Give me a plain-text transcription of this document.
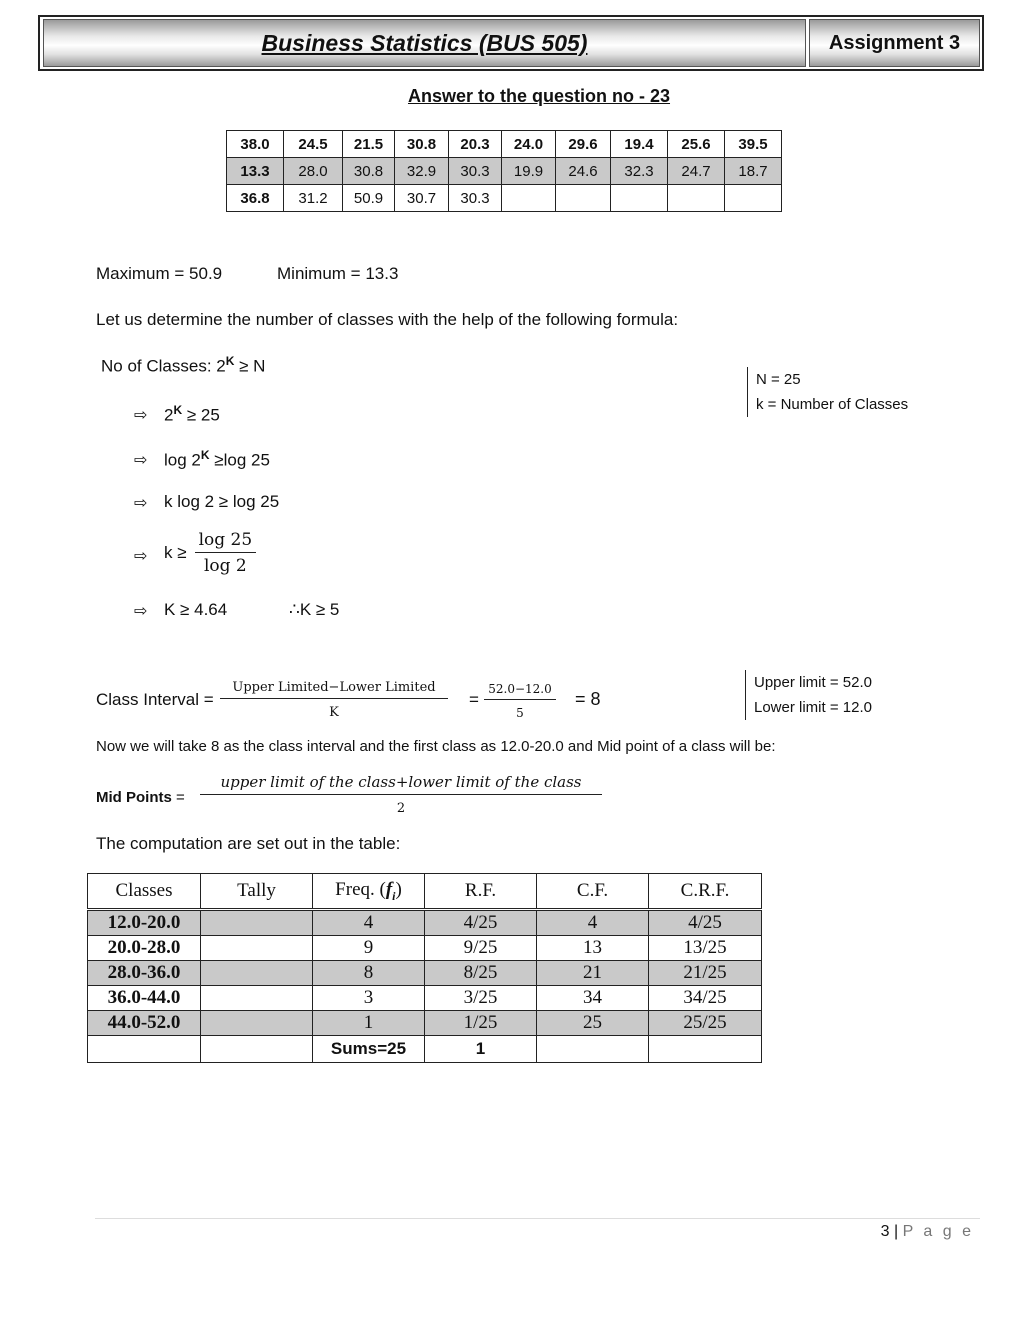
Business Statistics (BUS 505)	Assignment 3
Answer to the question no - 23
38.0	24.5	21.5	30.8	20.3	24.0	29.6	19.4	25.6	39.5
13.3	28.0	30.8	32.9	30.3	19.9	24.6	32.3	24.7	18.7
36.8	31.2	50.9	30.7	30.3					
Maximum = 50.9	Minimum = 13.3
Let us determine the number of classes with the help of the following formula:
No of Classes: $2^K \ge N$
N = 25
k = Number of Classes
⇨ $2^K \ge 25$
⇨ $\log 2^K \ge\log$ 25
⇨ k log 2 ≥ log 25
⇨ $k \ge \frac{\log 25}{\log 2}$
⇨ K ≥ 4.64	∴K ≥ 5
Class Interval =
Upper Limited−Lower Limited
K
=
52.0−12.0
5
= 8
Upper limit = 52.0
Lower limit = 12.0
Now we will take 8 as the class interval and the first class as 12.0-20.0 and Mid point of a class will be:
Mid Points =
upper limit of the class+lower limit of the class
2
The computation are set out in the table:
Classes	Tally	Freq. $(f_i)$	R.F.	C.F.	C.R.F.
12.0-20.0		4	4/25	4	4/25
20.0-28.0		9	9/25	13	13/25
28.0-36.0		8	8/25	21	21/25
36.0-44.0		3	3/25	34	34/25
44.0-52.0		1	1/25	25	25/25
		Sums=25	1		
3 | P a g e
